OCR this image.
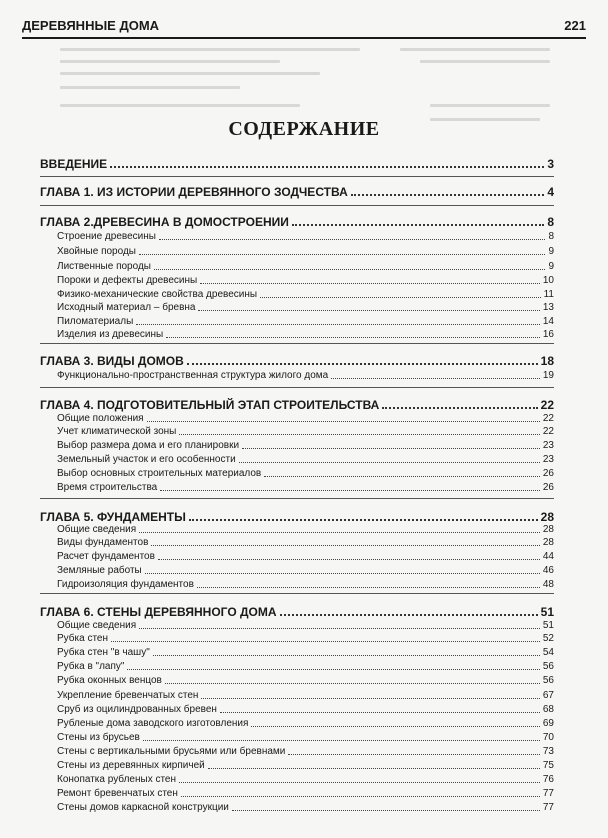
ДЕРЕВЯННЫЕ ДОМА	221
СОДЕРЖАНИЕ
ВВЕДЕНИЕ	3
ГЛАВА 1. ИЗ ИСТОРИИ ДЕРЕВЯННОГО ЗОДЧЕСТВА	4
ГЛАВА 2.ДРЕВЕСИНА В ДОМОСТРОЕНИИ	8
Строение древесины	8
Хвойные породы	9
Лиственные породы	9
Пороки и дефекты древесины	10
Физико-механические свойства древесины	11
Исходный материал – бревна	13
Пиломатериалы	14
Изделия из древесины	16
ГЛАВА 3. ВИДЫ ДОМОВ	18
Функционально-пространственная структура жилого дома	19
ГЛАВА 4. ПОДГОТОВИТЕЛЬНЫЙ ЭТАП СТРОИТЕЛЬСТВА	22
Общие положения	22
Учет климатической зоны	22
Выбор размера дома и его планировки	23
Земельный участок и его особенности	23
Выбор основных строительных материалов	26
Время строительства	26
ГЛАВА 5. ФУНДАМЕНТЫ	28
Общие сведения	28
Виды фундаментов	28
Расчет фундаментов	44
Земляные работы	46
Гидроизоляция фундаментов	48
ГЛАВА 6. СТЕНЫ ДЕРЕВЯННОГО ДОМА	51
Общие сведения	51
Рубка стен	52
Рубка стен "в чашу"	54
Рубка в "лапу"	56
Рубка оконных венцов	56
Укрепление бревенчатых стен	67
Сруб из оцилиндрованных бревен	68
Рубленые дома заводского изготовления	69
Стены из брусьев	70
Стены с вертикальными брусьями или бревнами	73
Стены из деревянных кирпичей	75
Конопатка рубленых стен	76
Ремонт бревенчатых стен	77
Стены домов каркасной конструкции	77
